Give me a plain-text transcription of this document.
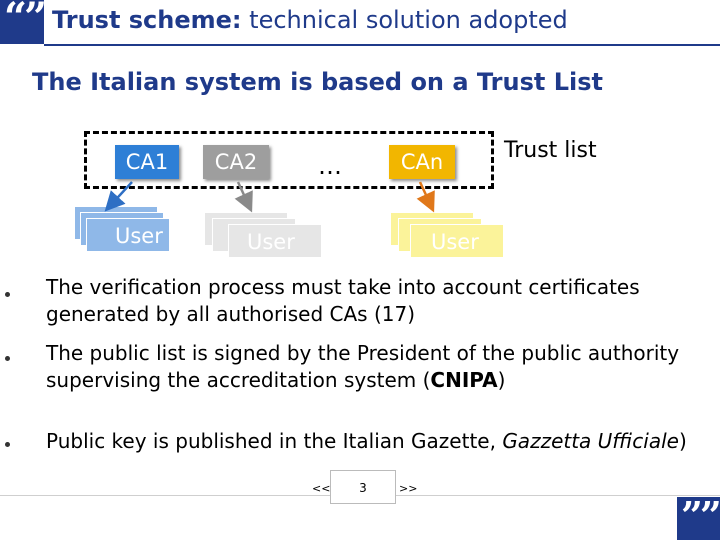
“” Trust scheme: technical solution adopted
The Italian system is based on a Trust List
CA1	CA2	…	CAn	Trust list
User	User	User
The verification process must take into account certificates generated by all authorised CAs (17)
The public list is signed by the President of the public authority supervising the accreditation system (CNIPA)
Public key is published in the Italian Gazette, Gazzetta Ufficiale)
<<	3	>>
””
